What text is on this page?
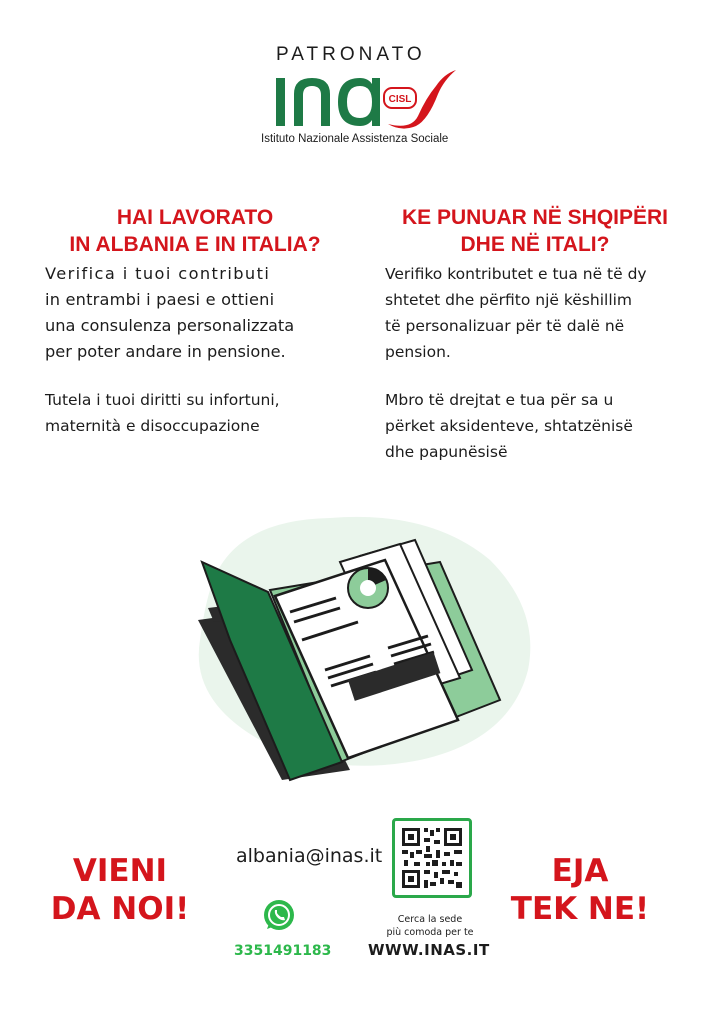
PATRONATO
CISL
Istituto Nazionale Assistenza Sociale

HAI LAVORATO

IN ALBANIA E IN ITALIA?

Verifica i tuoi contributi

in entrambi i paesi e ottieni

una consulenza personalizzata

per poter andare in pensione.

Tutela i tuoi diritti su infortuni,

maternità e disoccupazione

KE PUNUAR NË SHQIPËRI

DHE NË ITALI?

Verifiko kontributet e tua në të dy

shtetet dhe përfito një këshillim

të personalizuar për të dalë në

pension.

Mbro të drejtat e tua për sa u

përket aksidenteve, shtatzënisë

dhe papunësisë

VIENI
DA NOI!
albania@inas.it
3351491183
Cerca la sede
più comoda per te
WWW.INAS.IT
EJA
TEK NE!
